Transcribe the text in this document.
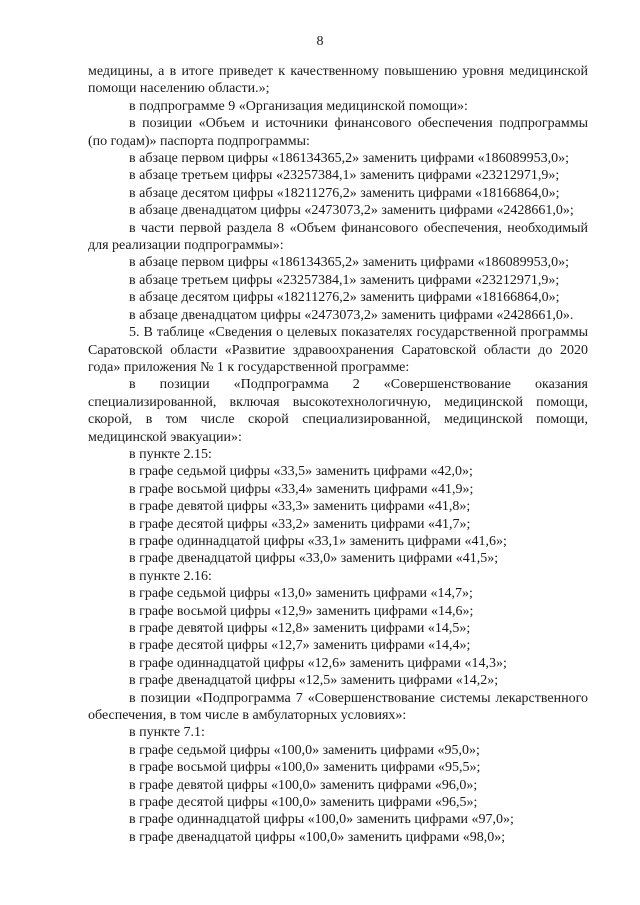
8

медицины, а в итоге приведет к качественному повышению уровня медицинской помощи населению области.»;

в подпрограмме 9 «Организация медицинской помощи»:

в позиции «Объем и источники финансового обеспечения подпрограммы (по годам)» паспорта подпрограммы:

в абзаце первом цифры «186134365,2» заменить цифрами «186089953,0»;

в абзаце третьем цифры «23257384,1» заменить цифрами «23212971,9»;

в абзаце десятом цифры «18211276,2» заменить цифрами «18166864,0»;

в абзаце двенадцатом цифры «2473073,2» заменить цифрами «2428661,0»;

в части первой раздела 8 «Объем финансового обеспечения, необходимый для реализации подпрограммы»:

в абзаце первом цифры «186134365,2» заменить цифрами «186089953,0»;

в абзаце третьем цифры «23257384,1» заменить цифрами «23212971,9»;

в абзаце десятом цифры «18211276,2» заменить цифрами «18166864,0»;

в абзаце двенадцатом цифры «2473073,2» заменить цифрами «2428661,0».

5. В таблице «Сведения о целевых показателях государственной программы Саратовской области «Развитие здравоохранения Саратовской области до 2020 года» приложения № 1 к государственной программе:

в позиции «Подпрограмма 2 «Совершенствование оказания специализированной, включая высокотехнологичную, медицинской помощи, скорой, в том числе скорой специализированной, медицинской помощи, медицинской эвакуации»:

в пункте 2.15:

в графе седьмой цифры «33,5» заменить цифрами «42,0»;

в графе восьмой цифры «33,4» заменить цифрами «41,9»;

в графе девятой цифры «33,3» заменить цифрами «41,8»;

в графе десятой цифры «33,2» заменить цифрами «41,7»;

в графе одиннадцатой цифры «33,1» заменить цифрами «41,6»;

в графе двенадцатой цифры «33,0» заменить цифрами «41,5»;

в пункте 2.16:

в графе седьмой цифры «13,0» заменить цифрами «14,7»;

в графе восьмой цифры «12,9» заменить цифрами «14,6»;

в графе девятой цифры «12,8» заменить цифрами «14,5»;

в графе десятой цифры «12,7» заменить цифрами «14,4»;

в графе одиннадцатой цифры «12,6» заменить цифрами «14,3»;

в графе двенадцатой цифры «12,5» заменить цифрами «14,2»;

в позиции «Подпрограмма 7 «Совершенствование системы лекарственного обеспечения, в том числе в амбулаторных условиях»:

в пункте 7.1:

в графе седьмой цифры «100,0» заменить цифрами «95,0»;

в графе восьмой цифры «100,0» заменить цифрами «95,5»;

в графе девятой цифры «100,0» заменить цифрами «96,0»;

в графе десятой цифры «100,0» заменить цифрами «96,5»;

в графе одиннадцатой цифры «100,0» заменить цифрами «97,0»;

в графе двенадцатой цифры «100,0» заменить цифрами «98,0»;
